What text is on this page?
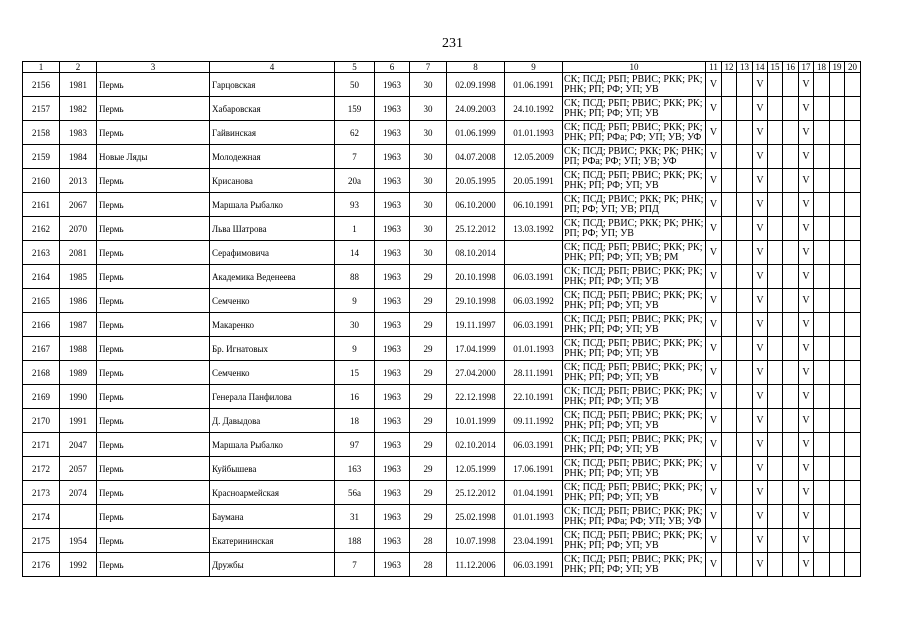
231
1	2	3	4	5	6	7	8	9	10	11	12	13	14	15	16	17	18	19	20
2156	1981	Пермь	Гарцовская	50	1963	30	02.09.1998	01.06.1991	СК; ПСД; РБП; РВИС; РКК; РК; РНК; РП; РФ; УП; УВ	V			V			V			
2157	1982	Пермь	Хабаровская	159	1963	30	24.09.2003	24.10.1992	СК; ПСД; РБП; РВИС; РКК; РК; РНК; РП; РФ; УП; УВ	V			V			V			
2158	1983	Пермь	Гайвинская	62	1963	30	01.06.1999	01.01.1993	СК; ПСД; РБП; РВИС; РКК; РК; РНК; РП; РФа; РФ; УП; УВ; УФ	V			V			V			
2159	1984	Новые Ляды	Молодежная	7	1963	30	04.07.2008	12.05.2009	СК; ПСД; РВИС; РКК; РК; РНК; РП; РФа; РФ; УП; УВ; УФ	V			V			V			
2160	2013	Пермь	Крисанова	20а	1963	30	20.05.1995	20.05.1991	СК; ПСД; РБП; РВИС; РКК; РК; РНК; РП; РФ; УП; УВ	V			V			V			
2161	2067	Пермь	Маршала Рыбалко	93	1963	30	06.10.2000	06.10.1991	СК; ПСД; РВИС; РКК; РК; РНК; РП; РФ; УП; УВ; РПД	V			V			V			
2162	2070	Пермь	Льва Шатрова	1	1963	30	25.12.2012	13.03.1992	СК; ПСД; РВИС; РКК; РК; РНК; РП; РФ; УП; УВ	V			V			V			
2163	2081	Пермь	Серафимовича	14	1963	30	08.10.2014		СК; ПСД; РБП; РВИС; РКК; РК; РНК; РП; РФ; УП; УВ; РМ	V			V			V			
2164	1985	Пермь	Академика Веденеева	88	1963	29	20.10.1998	06.03.1991	СК; ПСД; РБП; РВИС; РКК; РК; РНК; РП; РФ; УП; УВ	V			V			V			
2165	1986	Пермь	Семченко	9	1963	29	29.10.1998	06.03.1992	СК; ПСД; РБП; РВИС; РКК; РК; РНК; РП; РФ; УП; УВ	V			V			V			
2166	1987	Пермь	Макаренко	30	1963	29	19.11.1997	06.03.1991	СК; ПСД; РБП; РВИС; РКК; РК; РНК; РП; РФ; УП; УВ	V			V			V			
2167	1988	Пермь	Бр. Игнатовых	9	1963	29	17.04.1999	01.01.1993	СК; ПСД; РБП; РВИС; РКК; РК; РНК; РП; РФ; УП; УВ	V			V			V			
2168	1989	Пермь	Семченко	15	1963	29	27.04.2000	28.11.1991	СК; ПСД; РБП; РВИС; РКК; РК; РНК; РП; РФ; УП; УВ	V			V			V			
2169	1990	Пермь	Генерала Панфилова	16	1963	29	22.12.1998	22.10.1991	СК; ПСД; РБП; РВИС; РКК; РК; РНК; РП; РФ; УП; УВ	V			V			V			
2170	1991	Пермь	Д. Давыдова	18	1963	29	10.01.1999	09.11.1992	СК; ПСД; РБП; РВИС; РКК; РК; РНК; РП; РФ; УП; УВ	V			V			V			
2171	2047	Пермь	Маршала Рыбалко	97	1963	29	02.10.2014	06.03.1991	СК; ПСД; РБП; РВИС; РКК; РК; РНК; РП; РФ; УП; УВ	V			V			V			
2172	2057	Пермь	Куйбышева	163	1963	29	12.05.1999	17.06.1991	СК; ПСД; РБП; РВИС; РКК; РК; РНК; РП; РФ; УП; УВ	V			V			V			
2173	2074	Пермь	Красноармейская	56а	1963	29	25.12.2012	01.04.1991	СК; ПСД; РБП; РВИС; РКК; РК; РНК; РП; РФ; УП; УВ	V			V			V			
2174		Пермь	Баумана	31	1963	29	25.02.1998	01.01.1993	СК; ПСД; РБП; РВИС; РКК; РК; РНК; РП; РФа; РФ; УП; УВ; УФ	V			V			V			
2175	1954	Пермь	Екатерининская	188	1963	28	10.07.1998	23.04.1991	СК; ПСД; РБП; РВИС; РКК; РК; РНК; РП; РФ; УП; УВ	V			V			V			
2176	1992	Пермь	Дружбы	7	1963	28	11.12.2006	06.03.1991	СК; ПСД; РБП; РВИС; РКК; РК; РНК; РП; РФ; УП; УВ	V			V			V			
